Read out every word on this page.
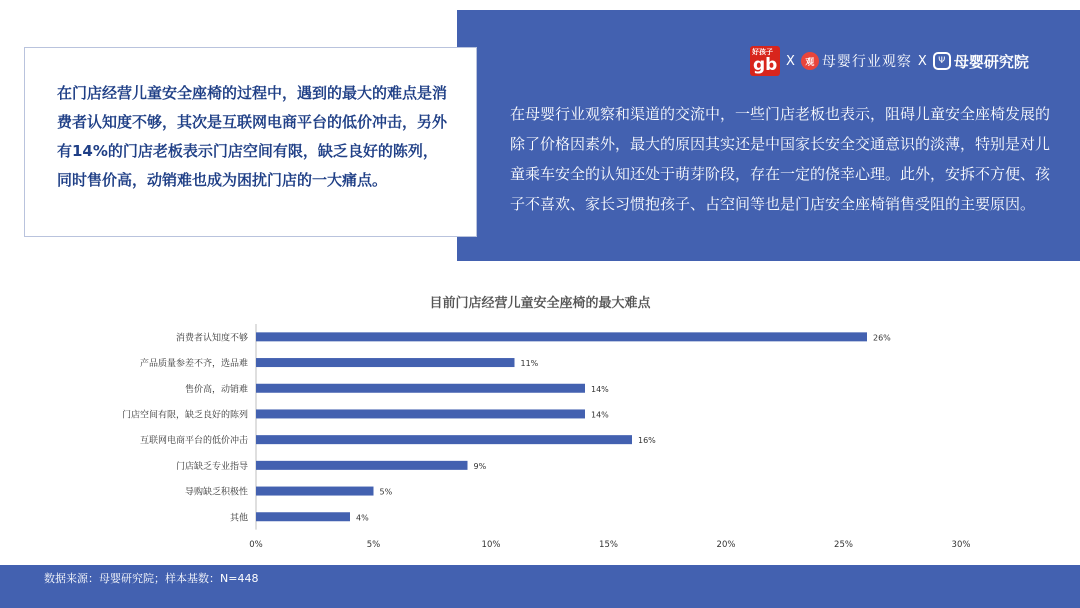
在门店经营儿童安全座椅的过程中，遇到的最大的难点是消费者认知度不够，其次是互联网电商平台的低价冲击，另外有14%的门店老板表示门店空间有限，缺乏良好的陈列，同时售价高，动销难也成为困扰门店的一大痛点。

好孩子
gb X	观 母婴行业观察 X	Ψ 母婴研究院

在母婴行业观察和渠道的交流中，一些门店老板也表示，阻碍儿童安全座椅发展的除了价格因素外，最大的原因其实还是中国家长安全交通意识的淡薄，特别是对儿童乘车安全的认知还处于萌芽阶段，存在一定的侥幸心理。此外，安拆不方便、孩子不喜欢、家长习惯抱孩子、占空间等也是门店安全座椅销售受阻的主要原因。

目前门店经营儿童安全座椅的最大难点
消费者认知度不够	26%
产品质量参差不齐，选品难	11%
售价高，动销难	14%
门店空间有限，缺乏良好的陈列	14%
互联网电商平台的低价冲击	16%
门店缺乏专业指导	9%
导购缺乏积极性	5%
其他	4%
0%	5%	10%	15%	20%	25%	30%
数据来源：母婴研究院；样本基数：N=448
